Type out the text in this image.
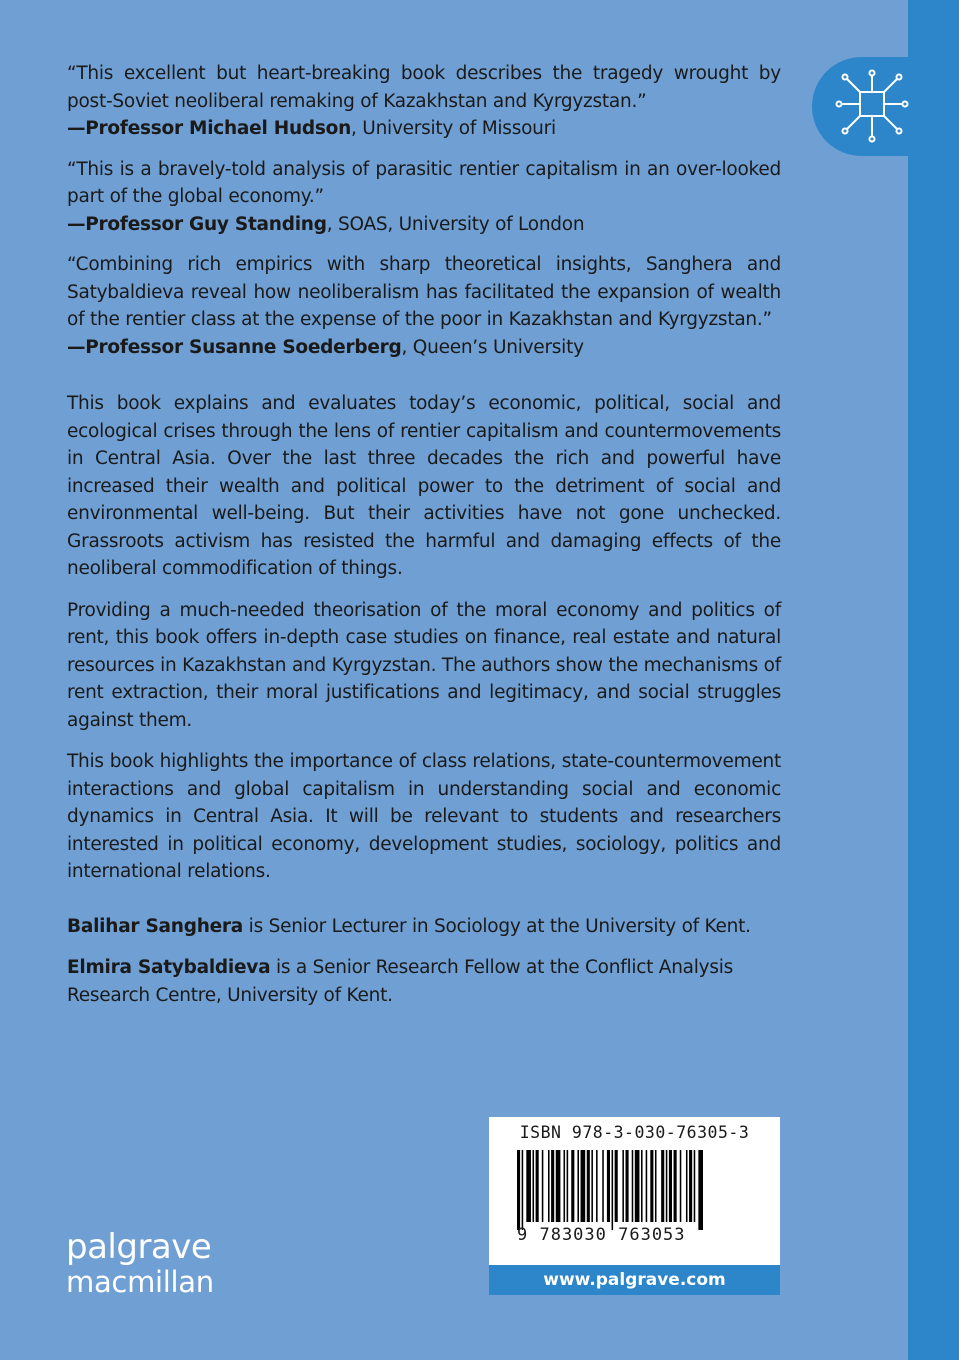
“This excellent but heart-breaking book describes the tragedy wrought by post-Soviet neoliberal remaking of Kazakhstan and Kyrgyzstan.”

—Professor Michael Hudson, University of Missouri

“This is a bravely-told analysis of parasitic rentier capitalism in an over-looked part of the global economy.”

—Professor Guy Standing, SOAS, University of London

“Combining rich empirics with sharp theoretical insights, Sanghera and Satybaldieva reveal how neoliberalism has facilitated the expansion of wealth of the rentier class at the expense of the poor in Kazakhstan and Kyrgyzstan.”

—Professor Susanne Soederberg, Queen’s University

This book explains and evaluates today’s economic, political, social and ecological crises through the lens of rentier capitalism and countermovements in Central Asia. Over the last three decades the rich and powerful have increased their wealth and political power to the detriment of social and environmental well-being. But their activities have not gone unchecked. Grassroots activism has resisted the harmful and damaging effects of the neoliberal commodification of things.

Providing a much-needed theorisation of the moral economy and politics of rent, this book offers in-depth case studies on finance, real estate and natural resources in Kazakhstan and Kyrgyzstan. The authors show the mechanisms of rent extraction, their moral justifications and legitimacy, and social struggles against them.

This book highlights the importance of class relations, state-countermovement interactions and global capitalism in understanding social and economic dynamics in Central Asia. It will be relevant to students and researchers interested in political economy, development studies, sociology, politics and international relations.

Balihar Sanghera is Senior Lecturer in Sociology at the University of Kent.

Elmira Satybaldieva is a Senior Research Fellow at the Conflict Analysis Research Centre, University of Kent.

palgrave
macmillan
ISBN 978-3-030-76305-3
9 783030 763053
www.palgrave.com
